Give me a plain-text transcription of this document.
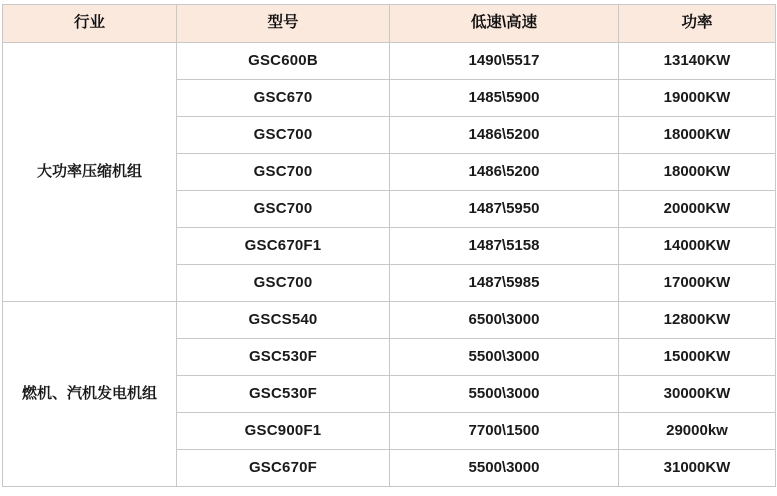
行业	型号	低速\高速	功率
大功率压缩机组	GSC600B	1490\5517	13140KW
	GSC670	1485\5900	19000KW
	GSC700	1486\5200	18000KW
	GSC700	1486\5200	18000KW
	GSC700	1487\5950	20000KW
	GSC670F1	1487\5158	14000KW
	GSC700	1487\5985	17000KW
燃机、汽机发电机组	GSCS540	6500\3000	12800KW
	GSC530F	5500\3000	15000KW
	GSC530F	5500\3000	30000KW
	GSC900F1	7700\1500	29000kw
	GSC670F	5500\3000	31000KW
